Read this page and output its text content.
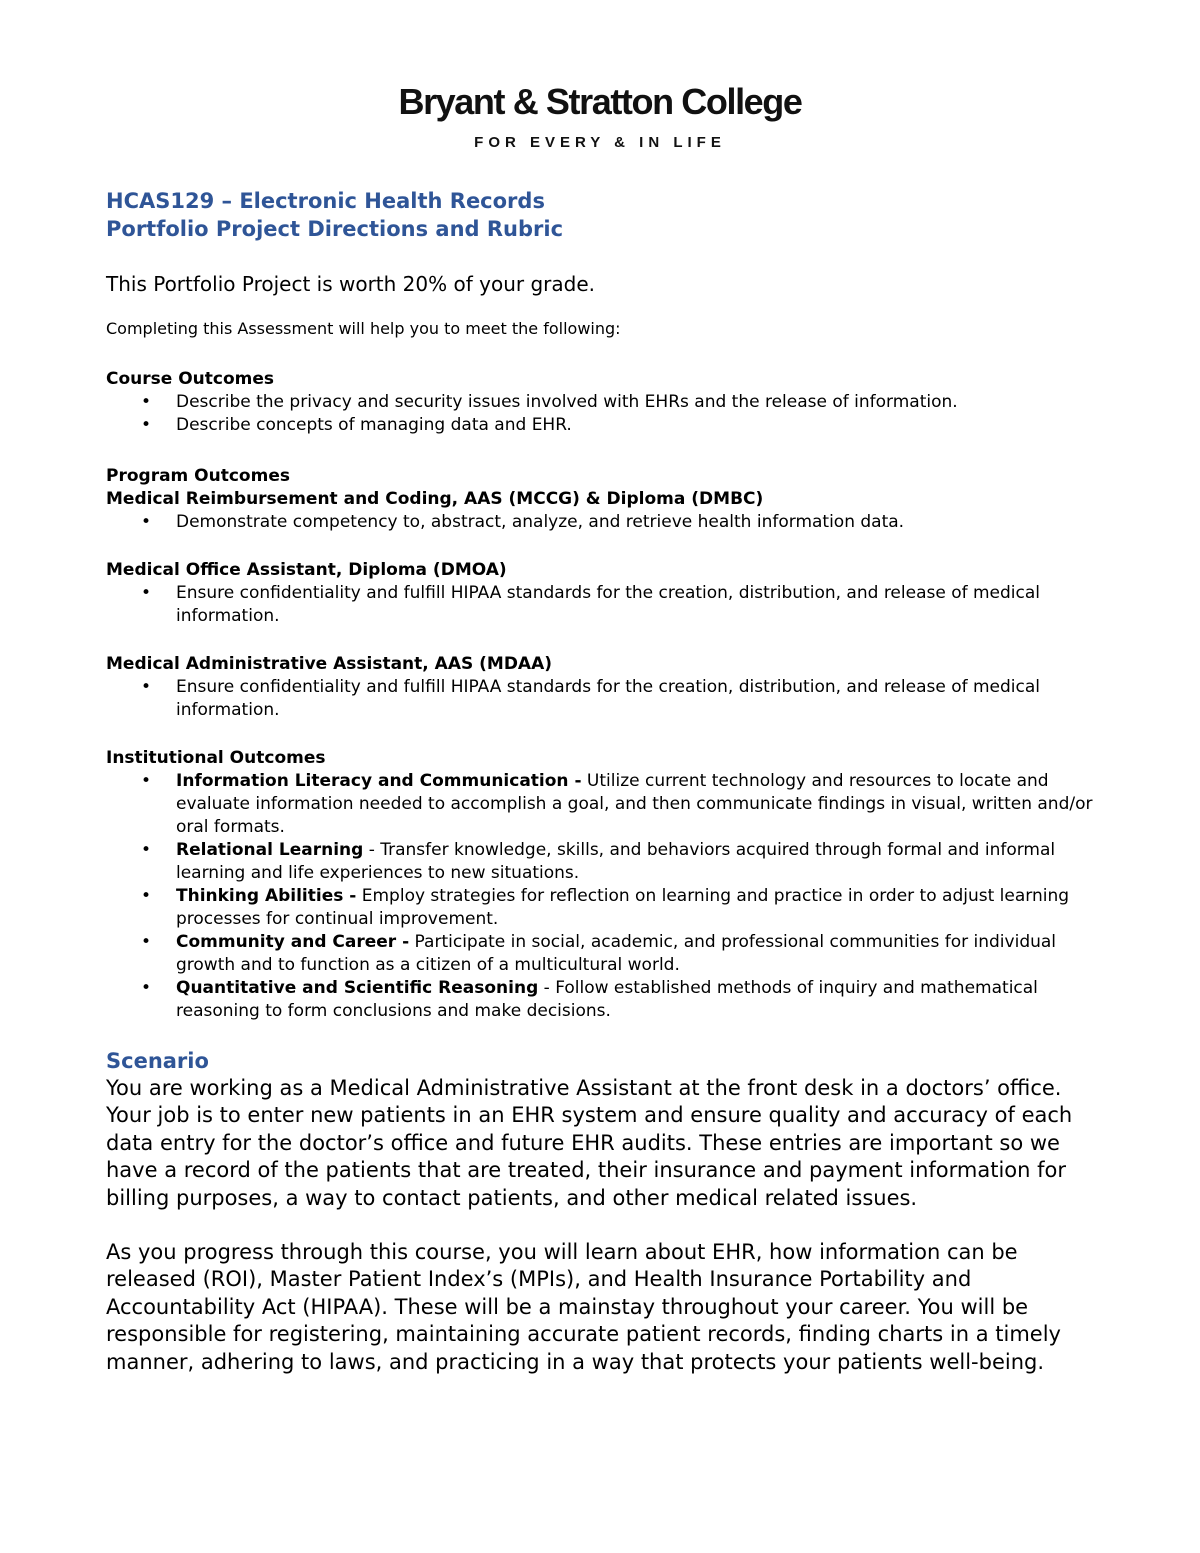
Bryant & Stratton College
FOR EVERY & IN LIFE
HCAS129 – Electronic Health Records
Portfolio Project Directions and Rubric

This Portfolio Project is worth 20% of your grade.

Completing this Assessment will help you to meet the following:

Course Outcomes
• Describe the privacy and security issues involved with EHRs and the release of information.
• Describe concepts of managing data and EHR.
Program Outcomes
Medical Reimbursement and Coding, AAS (MCCG) & Diploma (DMBC)
• Demonstrate competency to, abstract, analyze, and retrieve health information data.
Medical Office Assistant, Diploma (DMOA)
• Ensure confidentiality and fulfill HIPAA standards for the creation, distribution, and release of medical information.
Medical Administrative Assistant, AAS (MDAA)
• Ensure confidentiality and fulfill HIPAA standards for the creation, distribution, and release of medical information.
Institutional Outcomes
• Information Literacy and Communication - Utilize current technology and resources to locate and evaluate information needed to accomplish a goal, and then communicate findings in visual, written and/or oral formats.
• Relational Learning - Transfer knowledge, skills, and behaviors acquired through formal and informal learning and life experiences to new situations.
• Thinking Abilities - Employ strategies for reflection on learning and practice in order to adjust learning processes for continual improvement.
• Community and Career - Participate in social, academic, and professional communities for individual growth and to function as a citizen of a multicultural world.
• Quantitative and Scientific Reasoning - Follow established methods of inquiry and mathematical reasoning to form conclusions and make decisions.
Scenario

You are working as a Medical Administrative Assistant at the front desk in a doctors’ office. Your job is to enter new patients in an EHR system and ensure quality and accuracy of each data entry for the doctor’s office and future EHR audits. These entries are important so we have a record of the patients that are treated, their insurance and payment information for billing purposes, a way to contact patients, and other medical related issues.

As you progress through this course, you will learn about EHR, how information can be released (ROI), Master Patient Index’s (MPIs), and Health Insurance Portability and Accountability Act (HIPAA). These will be a mainstay throughout your career. You will be responsible for registering, maintaining accurate patient records, finding charts in a timely manner, adhering to laws, and practicing in a way that protects your patients well-being.
